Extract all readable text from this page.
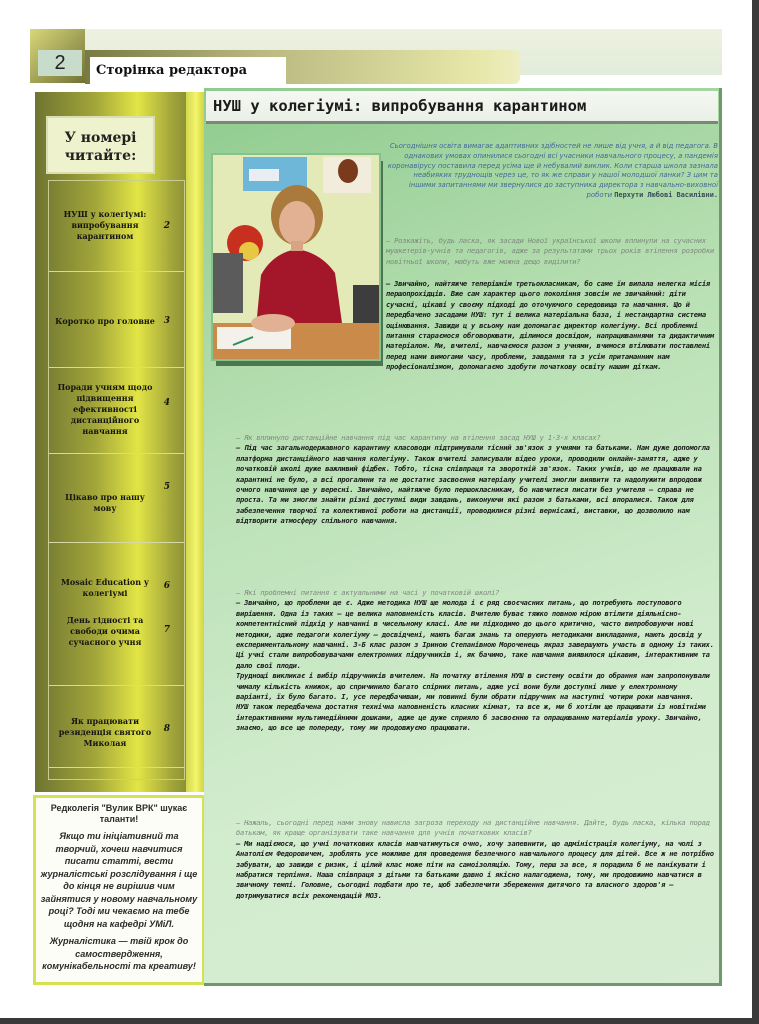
2	Сторінка редактора
У номері читайте:
НУШ у колегіумі: випробування карантином
2
Коротко про головне 3
Поради учням щодо підвищення ефективності дистанційного навчання
4
Цікаво про нашу мову
5
Mosaic Education у колегіумі
6
День гідності та свободи очима сучасного учня
7
Як працювати резиденція святого Миколая
8
Редколегія "Вулик ВРК" шукає таланти!
Якщо ти ініціативний та творчий, хочеш навчитися писати статті, вести журналістські розслідування і ще до кінця не вирішив чим зайнятися у новому навчальному році? Тоді ми чекаємо на тебе щодня на кафедрі УМіЛ.
Журналістика — твій крок до самоствердження, комунікабельності та креативу!
НУШ у колегіумі: випробування карантином
Сьогоднішня освіта вимагає адаптивних здібностей не лише від учня, а й від педагога. В однакових умовах опинилися сьогодні всі учасники навчального процесу, а пандемія коронавірусу поставила перед усіма ще й небувалий виклик. Коли старша школа зазнала неабияких труднощів через це, то як же справи у нашої молодшої ланки? З цим та іншими запитаннями ми звернулися до заступника директора з навчально-виховної роботи Перхути Любові Василівни.

– Розкажіть, будь ласка, як засади Нової української школи вплинули на сучасних мушкетерів-учнів та педагогів, адже за результатами трьох років втілення розробки новітньої школи, мабуть вже можна дещо виділити?

– Звичайно, найтяжче теперішнім третьокласникам, бо саме їм випала нелегка місія першопрохідців. Вже сам характер цього покоління зовсім не звичайний: діти сучасні, цікаві у своєму підході до оточуючого середовища та навчання. Що й передбачено засадами НУШ: тут і велика матеріальна база, і нестандартна система оцінювання. Завжди ц у всьому нам допомагає директор колегіуму. Всі проблемні питання стараємося обговорювати, ділимося досвідом, напрацюваннями та дидактичним матеріалом. Ми, вчителі, навчаємося разом з учнями, вчимося втілювати поставлені перед нами вимогами часу, проблеми, завдання та з усім притаманним нам професіоналізмом, допомагаємо здобути початкову освіту нашим діткам.

– Як вплинуло дистанційне навчання під час карантину на втілення засад НУШ у 1-3-х класах?

– Під час загальнодержавного карантину класоводи підтримували тісний зв'язок з учнями та батьками. Нам дуже допомогла платформа дистанційного навчання колегіуму. Також вчителі записували відео уроки, проводили онлайн-заняття, адже у початковій школі дуже важливий фідбек. Тобто, тісна співпраця та зворотній зв'язок. Таких учнів, що не працювали на карантині не було, а всі прогалини та не достатнє засвоєння матеріалу учителі змогли виявити та надолужити впродовж очного навчання ще у вересні. Звичайно, найтяжче було першокласникам, бо навчитися писати без учителя – справа не проста. Та ми змогли знайти різні доступні види завдань, виконуючи які разом з батьками, всі впоралися. Також для забезпечення творчої та колективної роботи на дистанції, проводилися різні вернісажі, виставки, що дозволило нам відтворити атмосферу спільного навчання.

– Які проблемні питання є актуальними на часі у початковій школі?

– Звичайно, що проблеми ще є. Адже методика НУШ ще молода і є ряд своєчасних питань, що потребують поступового вирішення. Одна із таких – це велика наповненість класів. Вчителю буває тяжко повною мірою втілити діяльнісно-компетентнісний підхід у навчанні в чисельному класі. Але ми підходимо до цього критично, часто випробовуючи нові методики, адже педагоги колегіуму – досвідчені, мають багаж знань та оперують методиками викладання, мають досвід у експериментальному навчанні. 3-Б клас разом з Іриною Степанівною Мороченець якраз завершують участь в одному із таких. Ці учні стали випробовувачами електронних підручників і, як бачимо, таке навчання виявилося цікавим, інтерактивним та дало свої плоди.

Труднощі викликає і вибір підручників вчителем. На початку втілення НУШ в систему освіти до обрання нам запропонували чималу кількість книжок, що спричинило багато спірних питань, адже усі вони були доступні лише у електронному варіанті, їх було багато. І, усе передбачивши, ми повинні були обрати підручник на наступні чотири роки навчання.

НУШ також передбачена достатня технічна наповненість класних кімнат, та все ж, ми б хотіли ще працювати із новітніми інтерактивними мультимедійними дошками, адже це дуже сприяло б засвоєнню та опрацюванню матеріалів уроку. Звичайно, знаємо, що все ще попереду, тому ми продовжуємо працювати.

– Нажаль, сьогодні перед нами знову нависла загроза переходу на дистанційне навчання. Дайте, будь ласка, кілька порад батькам, як краще організувати таке навчання для учнів початкових класів?

– Ми надіємося, що учні початкових класів навчатимуться очно, хочу запевнити, що адміністрація колегіуму, на чолі з Анатолієм Федоровичем, зроблять усе можливе для проведення безпечного навчального процесу для дітей. Все ж не потрібно забувати, що завжди є ризик, і цілий клас може піти на самоізоляцію. Тому, перш за все, я порадила б не панікувати і набратися терпіння. Наша співпраця з дітьми та батьками давно і якісно налагоджена, тому, ми продовжимо навчатися в звичному темпі. Головне, сьогодні подбати про те, щоб забезпечити збереження дитячого та власного здоров'я – дотримуватися всіх рекомендацій МОЗ.
